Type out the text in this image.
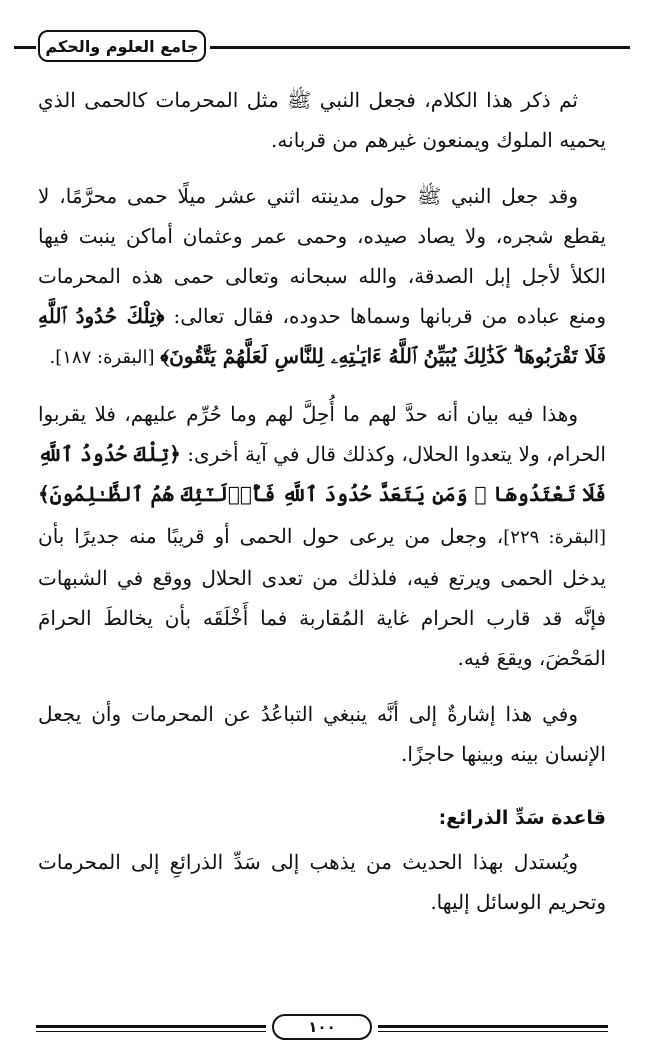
جامع العلوم والحكم

ثم ذكر هذا الكلام، فجعل النبي ﷺ مثل المحرمات كالحمى الذي يحميه الملوك ويمنعون غيرهم من قربانه.

وقد جعل النبي ﷺ حول مدينته اثني عشر ميلًا حمى محرَّمًا، لا يقطع شجره، ولا يصاد صيده، وحمى عمر وعثمان أماكن ينبت فيها الكلأ لأجل إبل الصدقة، والله سبحانه وتعالى حمى هذه المحرمات ومنع عباده من قربانها وسماها حدوده، فقال تعالى: ﴿تِلْكَ حُدُودُ ٱللَّهِ فَلَا تَقْرَبُوهَا ۗ كَذَٰلِكَ يُبَيِّنُ ٱللَّهُ ءَايَـٰتِهِۦ لِلنَّاسِ لَعَلَّهُمْ يَتَّقُونَ﴾ [البقرة: ١٨٧].

وهذا فيه بيان أنه حدَّ لهم ما أُحِلَّ لهم وما حُرِّم عليهم، فلا يقربوا الحرام، ولا يتعدوا الحلال، وكذلك قال في آية أخرى: ﴿تِلْكَ حُدُودُ ٱللَّهِ فَلَا تَعْتَدُوهَا ۚ وَمَن يَتَعَدَّ حُدُودَ ٱللَّهِ فَأُو۟لَـٰٓئِكَ هُمُ ٱلظَّـٰلِمُونَ﴾ [البقرة: ٢٢٩]، وجعل من يرعى حول الحمى أو قريبًا منه جديرًا بأن يدخل الحمى ويرتع فيه، فلذلك من تعدى الحلال ووقع في الشبهات فإنَّه قد قارب الحرام غاية المُقاربة فما أَخْلَقَه بأن يخالطَ الحرامَ المَحْضَ، ويقعَ فيه.

وفي هذا إشارةٌ إلى أنَّه ينبغي التباعُدُ عن المحرمات وأن يجعل الإنسان بينه وبينها حاجزًا.

قاعدة سَدِّ الذرائع:

ويُستدل بهذا الحديث من يذهب إلى سَدِّ الذرائعِ إلى المحرمات وتحريم الوسائل إليها.

١٠٠
